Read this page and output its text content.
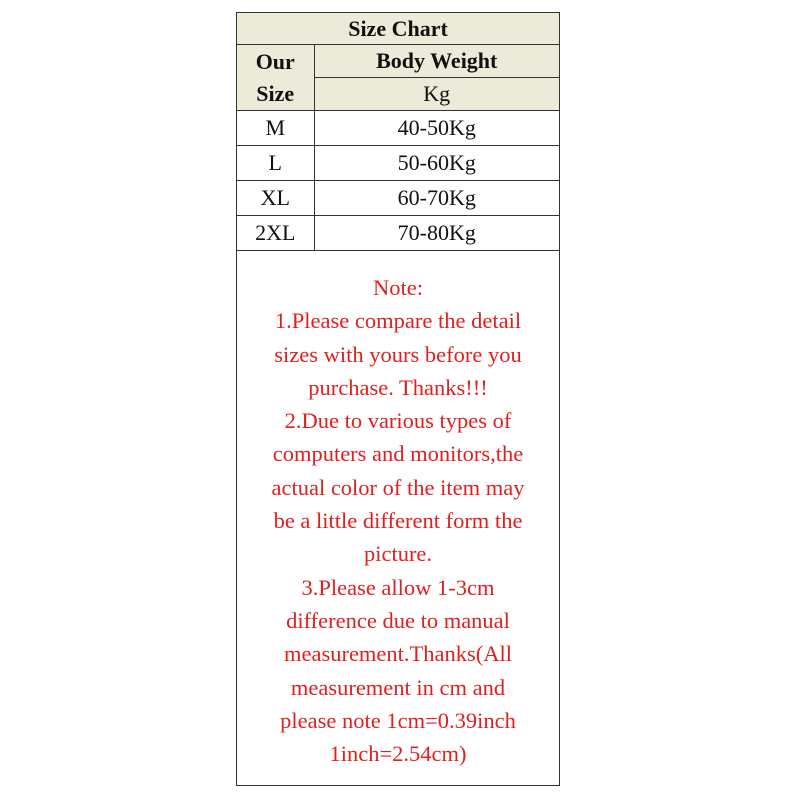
Size Chart	
Our Size	Body Weight
	Kg
M	40-50Kg
L	50-60Kg
XL	60-70Kg
2XL	70-80Kg
Note:
1.Please compare the detail
sizes with yours before you
purchase. Thanks!!!
2.Due to various types of
computers and monitors,the
actual color of the item may
be a little different form the
picture.
3.Please allow 1-3cm
difference due to manual
measurement.Thanks(All
measurement in cm and
please note 1cm=0.39inch
1inch=2.54cm)
